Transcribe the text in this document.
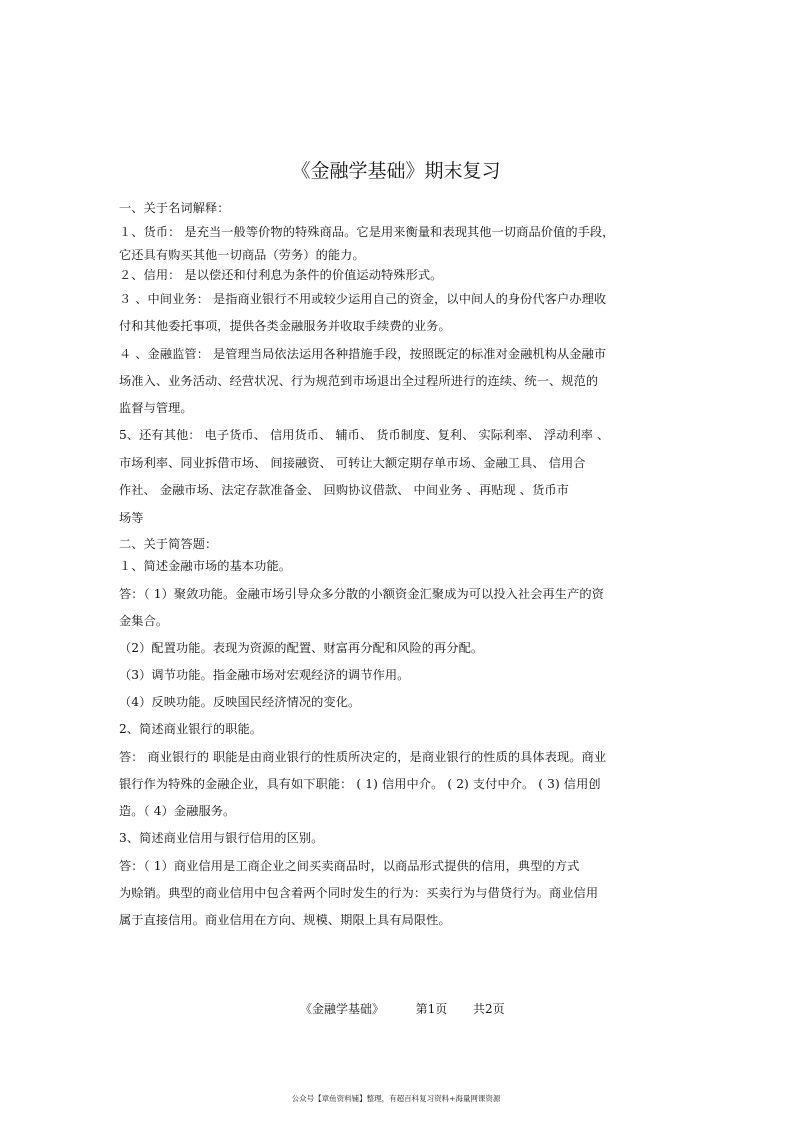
《金融学基础》期末复习
一、关于名词解释：
１、货币： 是充当一般等价物的特殊商品。它是用来衡量和表现其他一切商品价值的手段，
它还具有购买其他一切商品（劳务）的能力。
２、信用： 是以偿还和付利息为条件的价值运动特殊形式。
３ 、中间业务： 是指商业银行不用或较少运用自己的资金，以中间人的身份代客户办理收
付和其他委托事项，提供各类金融服务并收取手续费的业务。
４ 、金融监管： 是管理当局依法运用各种措施手段，按照既定的标准对金融机构从金融市
场准入、业务活动、经营状况、行为规范到市场退出全过程所进行的连续、统一、规范的
监督与管理。
5、还有其他： 电子货币、 信用货币、 辅币、 货币制度、复利、 实际利率、 浮动利率 、
市场利率、同业拆借市场、 间接融资、 可转让大额定期存单市场、金融工具、 信用合
作社、 金融市场、法定存款准备金、 回购协议借款、 中间业务 、再贴现 、货币市
场等
二、关于简答题：
１、简述金融市场的基本功能。
答：（ 1）聚敛功能。金融市场引导众多分散的小额资金汇聚成为可以投入社会再生产的资
金集合。
（2）配置功能。表现为资源的配置、财富再分配和风险的再分配。
（3）调节功能。指金融市场对宏观经济的调节作用。
（4）反映功能。反映国民经济情况的变化。
2、简述商业银行的职能。
答： 商业银行的 职能是由商业银行的性质所决定的，是商业银行的性质的具体表现。商业
银行作为特殊的金融企业，具有如下职能： ( 1) 信用中介。 ( 2) 支付中介。 ( 3) 信用创
造。（ 4）金融服务。
3、简述商业信用与银行信用的区别。
答：（ 1）商业信用是工商企业之间买卖商品时，以商品形式提供的信用，典型的方式
为赊销。典型的商业信用中包含着两个同时发生的行为：买卖行为与借贷行为。商业信用
属于直接信用。商业信用在方向、规模、期限上具有局限性。
《金融学基础》	第1页 共2页
公众号【章鱼资料铺】整理，有超百科复习资料+海量网课资源
